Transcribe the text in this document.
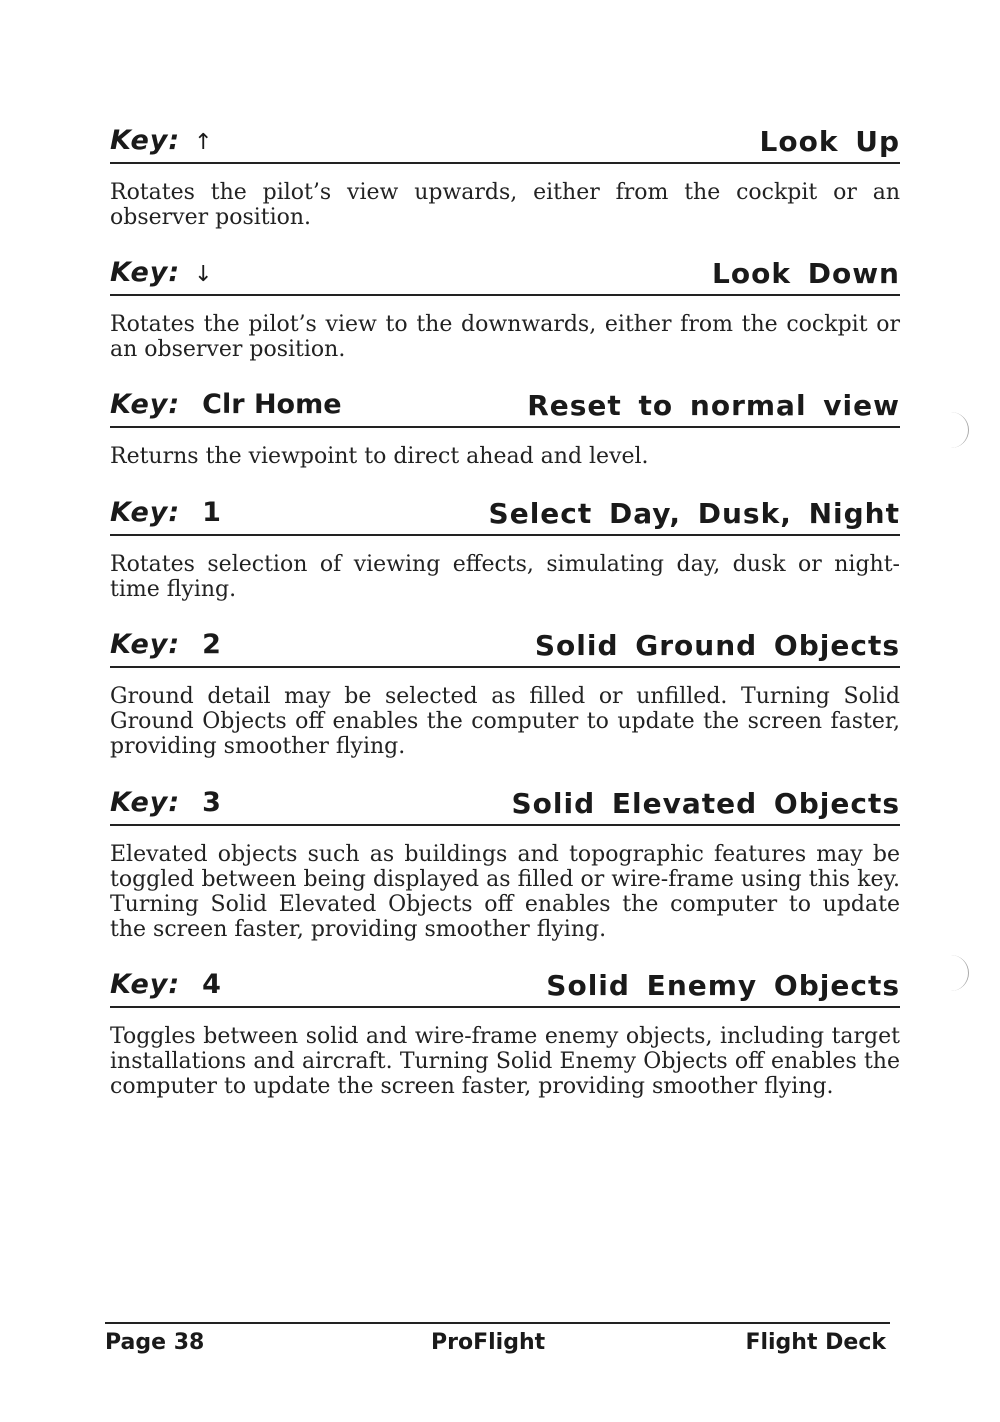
Key: ↑	Look Up
Rotates the pilot’s view upwards, either from the cockpit or an observer position.
Key: ↓	Look Down
Rotates the pilot’s view to the downwards, either from the cockpit or an observer position.
Key: Clr Home	Reset to normal view
Returns the viewpoint to direct ahead and level.
Key: 1	Select Day, Dusk, Night
Rotates selection of viewing effects, simulating day, dusk or night-time flying.
Key: 2	Solid Ground Objects
Ground detail may be selected as filled or unfilled. Turning Solid Ground Objects off enables the computer to update the screen faster, providing smoother flying.
Key: 3	Solid Elevated Objects
Elevated objects such as buildings and topographic features may be toggled between being displayed as filled or wire-frame using this key. Turning Solid Elevated Objects off enables the computer to update the screen faster, providing smoother flying.
Key: 4	Solid Enemy Objects
Toggles between solid and wire-frame enemy objects, including target installations and aircraft. Turning Solid Enemy Objects off enables the computer to update the screen faster, providing smoother flying.
Page 38	ProFlight	Flight Deck
